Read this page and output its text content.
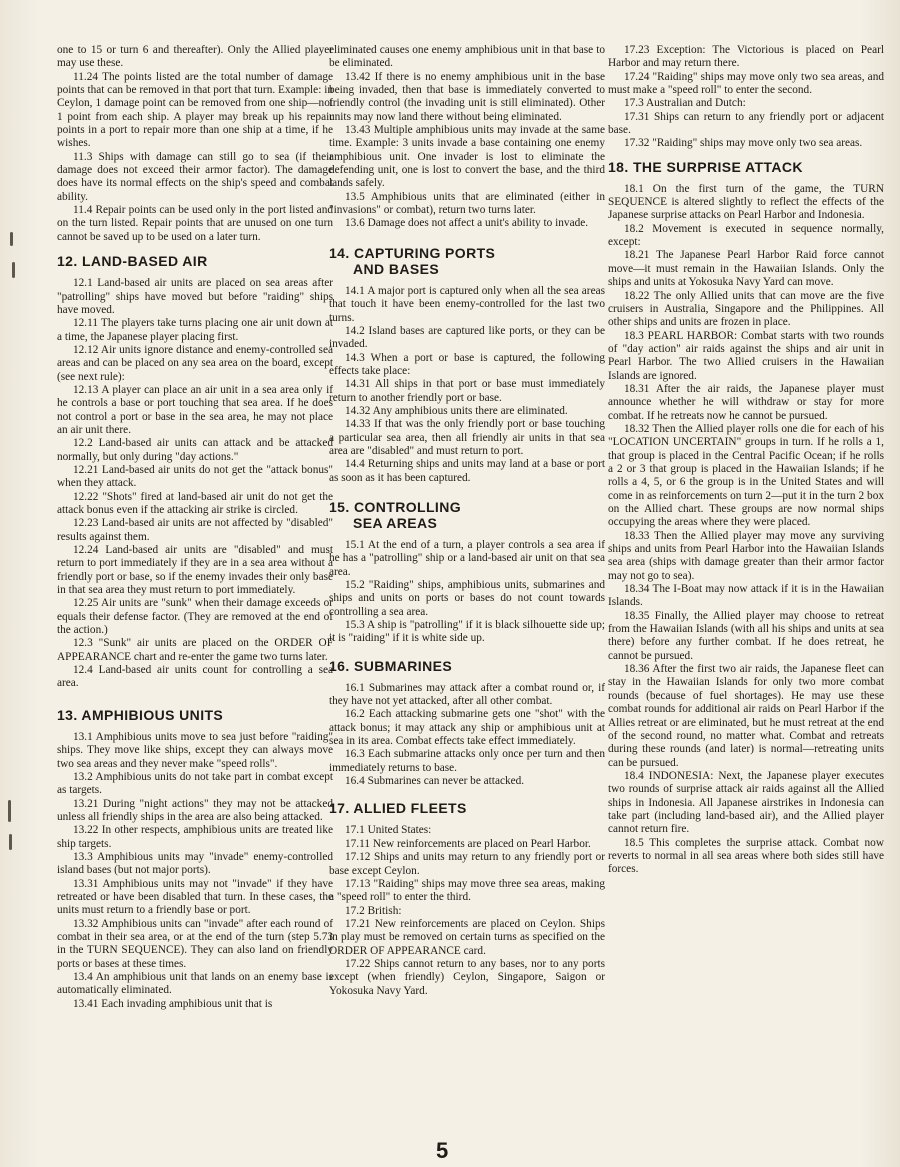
one to 15 or turn 6 and thereafter). Only the Allied player may use these.

11.24 The points listed are the total number of damage points that can be removed in that port that turn. Example: in Ceylon, 1 damage point can be removed from one ship—not 1 point from each ship. A player may break up his repair points in a port to repair more than one ship at a time, if he wishes.

11.3 Ships with damage can still go to sea (if their damage does not exceed their armor factor). The damage does have its normal effects on the ship's speed and combat ability.

11.4 Repair points can be used only in the port listed and on the turn listed. Repair points that are unused on one turn cannot be saved up to be used on a later turn.

12. LAND-BASED AIR

12.1 Land-based air units are placed on sea areas after "patrolling" ships have moved but before "raiding" ships have moved.

12.11 The players take turns placing one air unit down at a time, the Japanese player placing first.

12.12 Air units ignore distance and enemy-controlled sea areas and can be placed on any sea area on the board, except (see next rule):

12.13 A player can place an air unit in a sea area only if he controls a base or port touching that sea area. If he does not control a port or base in the sea area, he may not place an air unit there.

12.2 Land-based air units can attack and be attacked normally, but only during "day actions."

12.21 Land-based air units do not get the "attack bonus" when they attack.

12.22 "Shots" fired at land-based air unit do not get the attack bonus even if the attacking air strike is circled.

12.23 Land-based air units are not affected by "disabled" results against them.

12.24 Land-based air units are "disabled" and must return to port immediately if they are in a sea area without a friendly port or base, so if the enemy invades their only base in that sea area they must return to port immediately.

12.25 Air units are "sunk" when their damage exceeds or equals their defense factor. (They are removed at the end of the action.)

12.3 "Sunk" air units are placed on the ORDER OF APPEARANCE chart and re-enter the game two turns later.

12.4 Land-based air units count for controlling a sea area.

13. AMPHIBIOUS UNITS

13.1 Amphibious units move to sea just before "raiding" ships. They move like ships, except they can always move two sea areas and they never make "speed rolls".

13.2 Amphibious units do not take part in combat except as targets.

13.21 During "night actions" they may not be attacked unless all friendly ships in the area are also being attacked.

13.22 In other respects, amphibious units are treated like ship targets.

13.3 Amphibious units may "invade" enemy-controlled island bases (but not major ports).

13.31 Amphibious units may not "invade" if they have retreated or have been disabled that turn. In these cases, the units must return to a friendly base or port.

13.32 Amphibious units can "invade" after each round of combat in their sea area, or at the end of the turn (step 5.73 in the TURN SEQUENCE). They can also land on friendly ports or bases at these times.

13.4 An amphibious unit that lands on an enemy base is automatically eliminated.

13.41 Each invading amphibious unit that is

eliminated causes one enemy amphibious unit in that base to be eliminated.

13.42 If there is no enemy amphibious unit in the base being invaded, then that base is immediately converted to friendly control (the invading unit is still eliminated). Other units may now land there without being eliminated.

13.43 Multiple amphibious units may invade at the same time. Example: 3 units invade a base containing one enemy amphibious unit. One invader is lost to eliminate the defending unit, one is lost to convert the base, and the third lands safely.

13.5 Amphibious units that are eliminated (either in "invasions" or combat), return two turns later.

13.6 Damage does not affect a unit's ability to invade.

14. CAPTURING PORTS
AND BASES

14.1 A major port is captured only when all the sea areas that touch it have been enemy-controlled for the last two turns.

14.2 Island bases are captured like ports, or they can be invaded.

14.3 When a port or base is captured, the following effects take place:

14.31 All ships in that port or base must immediately return to another friendly port or base.

14.32 Any amphibious units there are eliminated.

14.33 If that was the only friendly port or base touching a particular sea area, then all friendly air units in that sea area are "disabled" and must return to port.

14.4 Returning ships and units may land at a base or port as soon as it has been captured.

15. CONTROLLING
SEA AREAS

15.1 At the end of a turn, a player controls a sea area if he has a "patrolling" ship or a land-based air unit on that sea area.

15.2 "Raiding" ships, amphibious units, submarines and ships and units on ports or bases do not count towards controlling a sea area.

15.3 A ship is "patrolling" if it is black silhouette side up; it is "raiding" if it is white side up.

16. SUBMARINES

16.1 Submarines may attack after a combat round or, if they have not yet attacked, after all other combat.

16.2 Each attacking submarine gets one "shot" with the attack bonus; it may attack any ship or amphibious unit at sea in its area. Combat effects take effect immediately.

16.3 Each submarine attacks only once per turn and then immediately returns to base.

16.4 Submarines can never be attacked.

17. ALLIED FLEETS

17.1 United States:

17.11 New reinforcements are placed on Pearl Harbor.

17.12 Ships and units may return to any friendly port or base except Ceylon.

17.13 "Raiding" ships may move three sea areas, making a "speed roll" to enter the third.

17.2 British:

17.21 New reinforcements are placed on Ceylon. Ships in play must be removed on certain turns as specified on the ORDER OF APPEARANCE card.

17.22 Ships cannot return to any bases, nor to any ports except (when friendly) Ceylon, Singapore, Saigon or Yokosuka Navy Yard.

17.23 Exception: The Victorious is placed on Pearl Harbor and may return there.

17.24 "Raiding" ships may move only two sea areas, and must make a "speed roll" to enter the second.

17.3 Australian and Dutch:

17.31 Ships can return to any friendly port or adjacent base.

17.32 "Raiding" ships may move only two sea areas.

18. THE SURPRISE ATTACK

18.1 On the first turn of the game, the TURN SEQUENCE is altered slightly to reflect the effects of the Japanese surprise attacks on Pearl Harbor and Indonesia.

18.2 Movement is executed in sequence normally, except:

18.21 The Japanese Pearl Harbor Raid force cannot move—it must remain in the Hawaiian Islands. Only the ships and units at Yokosuka Navy Yard can move.

18.22 The only Allied units that can move are the five cruisers in Australia, Singapore and the Philippines. All other ships and units are frozen in place.

18.3 PEARL HARBOR: Combat starts with two rounds of "day action" air raids against the ships and air unit in Pearl Harbor. The two Allied cruisers in the Hawaiian Islands are ignored.

18.31 After the air raids, the Japanese player must announce whether he will withdraw or stay for more combat. If he retreats now he cannot be pursued.

18.32 Then the Allied player rolls one die for each of his "LOCATION UNCERTAIN" groups in turn. If he rolls a 1, that group is placed in the Central Pacific Ocean; if he rolls a 2 or 3 that group is placed in the Hawaiian Islands; if he rolls a 4, 5, or 6 the group is in the United States and will come in as reinforcements on turn 2—put it in the turn 2 box on the Allied chart. These groups are now normal ships occupying the areas where they were placed.

18.33 Then the Allied player may move any surviving ships and units from Pearl Harbor into the Hawaiian Islands sea area (ships with damage greater than their armor factor may not go to sea).

18.34 The I-Boat may now attack if it is in the Hawaiian Islands.

18.35 Finally, the Allied player may choose to retreat from the Hawaiian Islands (with all his ships and units at sea there) before any further combat. If he does retreat, he cannot be pursued.

18.36 After the first two air raids, the Japanese fleet can stay in the Hawaiian Islands for only two more combat rounds (because of fuel shortages). He may use these combat rounds for additional air raids on Pearl Harbor if the Allies retreat or are eliminated, but he must retreat at the end of the second round, no matter what. Combat and retreats during these rounds (and later) is normal—retreating units can be pursued.

18.4 INDONESIA: Next, the Japanese player executes two rounds of surprise attack air raids against all the Allied ships in Indonesia. All Japanese airstrikes in Indonesia can take part (including land-based air), and the Allied player cannot return fire.

18.5 This completes the surprise attack. Combat now reverts to normal in all sea areas where both sides still have forces.

5
